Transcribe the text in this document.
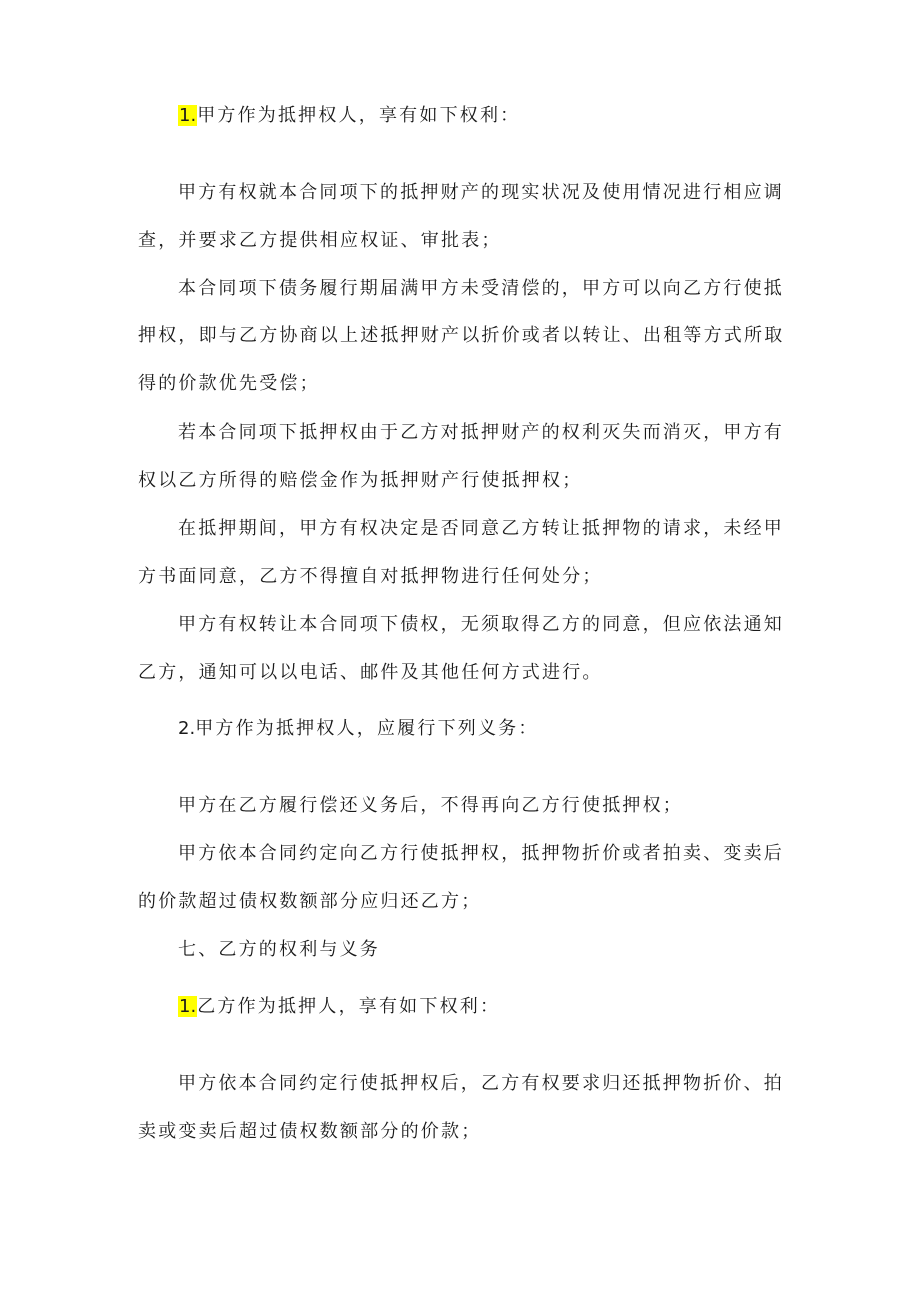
1.甲方作为抵押权人，享有如下权利：
甲方有权就本合同项下的抵押财产的现实状况及使用情况进行相应调
查，并要求乙方提供相应权证、审批表；
本合同项下债务履行期届满甲方未受清偿的，甲方可以向乙方行使抵
押权，即与乙方协商以上述抵押财产以折价或者以转让、出租等方式所取
得的价款优先受偿；
若本合同项下抵押权由于乙方对抵押财产的权利灭失而消灭，甲方有
权以乙方所得的赔偿金作为抵押财产行使抵押权；
在抵押期间，甲方有权决定是否同意乙方转让抵押物的请求，未经甲
方书面同意，乙方不得擅自对抵押物进行任何处分；
甲方有权转让本合同项下债权，无须取得乙方的同意，但应依法通知
乙方，通知可以以电话、邮件及其他任何方式进行。
2.甲方作为抵押权人，应履行下列义务：
甲方在乙方履行偿还义务后，不得再向乙方行使抵押权；
甲方依本合同约定向乙方行使抵押权，抵押物折价或者拍卖、变卖后
的价款超过债权数额部分应归还乙方；
七、乙方的权利与义务
1.乙方作为抵押人，享有如下权利：
甲方依本合同约定行使抵押权后，乙方有权要求归还抵押物折价、拍
卖或变卖后超过债权数额部分的价款；
